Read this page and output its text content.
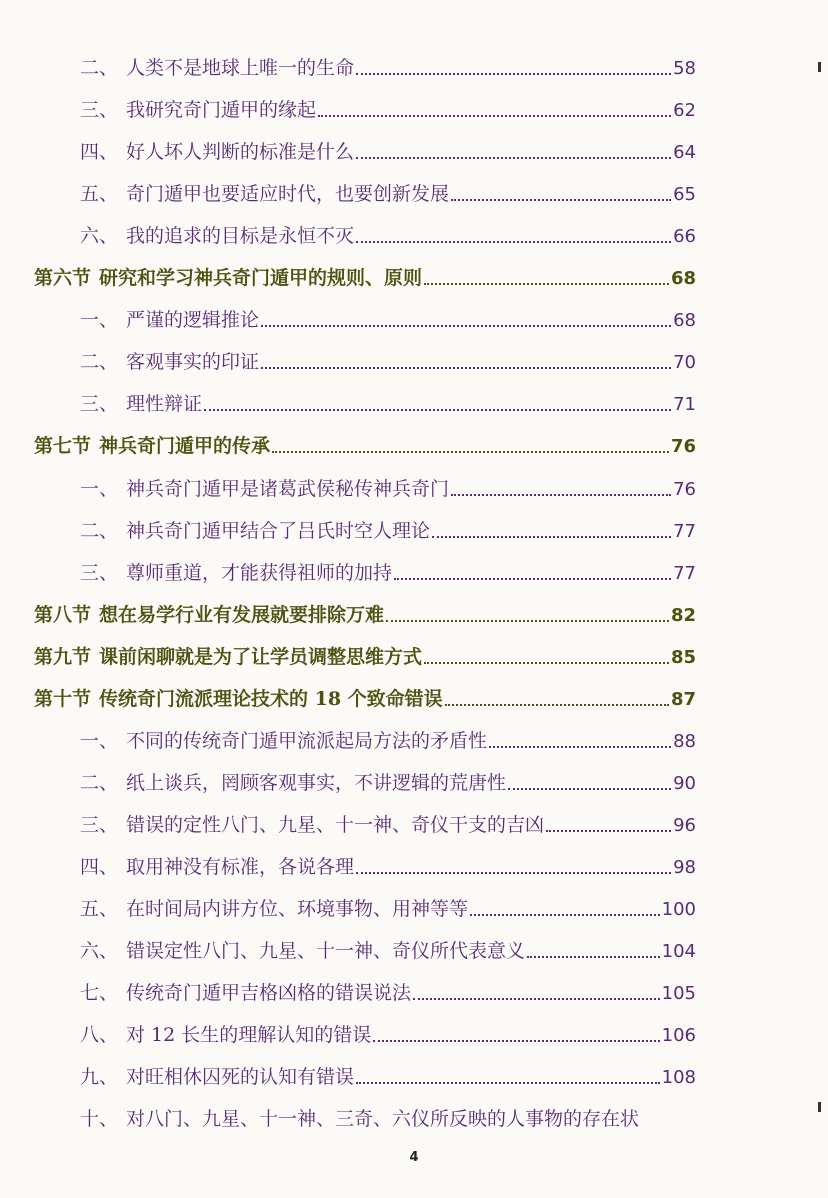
二、 人类不是地球上唯一的生命	58
三、 我研究奇门遁甲的缘起	62
四、 好人坏人判断的标准是什么	64
五、 奇门遁甲也要适应时代，也要创新发展	65
六、 我的追求的目标是永恒不灭	66
第六节 研究和学习神兵奇门遁甲的规则、原则	68
一、 严谨的逻辑推论	68
二、 客观事实的印证	70
三、 理性辩证	71
第七节 神兵奇门遁甲的传承	76
一、 神兵奇门遁甲是诸葛武侯秘传神兵奇门	76
二、 神兵奇门遁甲结合了吕氏时空人理论	77
三、 尊师重道，才能获得祖师的加持	77
第八节 想在易学行业有发展就要排除万难	82
第九节 课前闲聊就是为了让学员调整思维方式	85
第十节 传统奇门流派理论技术的 18 个致命错误	87
一、 不同的传统奇门遁甲流派起局方法的矛盾性	88
二、 纸上谈兵，罔顾客观事实，不讲逻辑的荒唐性	90
三、 错误的定性八门、九星、十一神、奇仪干支的吉凶	96
四、 取用神没有标准，各说各理	98
五、 在时间局内讲方位、环境事物、用神等等	100
六、 错误定性八门、九星、十一神、奇仪所代表意义	104
七、 传统奇门遁甲吉格凶格的错误说法	105
八、 对 12 长生的理解认知的错误	106
九、 对旺相休囚死的认知有错误	108
十、 对八门、九星、十一神、三奇、六仪所反映的人事物的存在状
4
